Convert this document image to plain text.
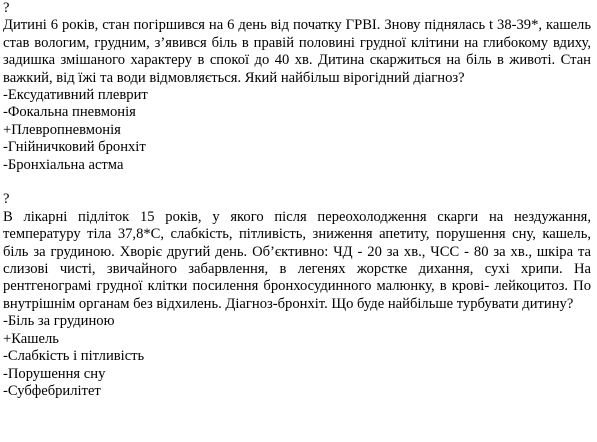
?

Дитині 6 років, стан погіршився на 6 день від початку ГРВІ. Знову піднялась t 38-39*, кашель став вологим, грудним, з’явився біль в правій половині грудної клітини на глибокому вдиху, задишка змішаного характеру в спокої до 40 хв. Дитина скаржиться на біль в животі. Стан важкий, від їжі та води відмовляється. Який найбільш вірогідний діагноз?

-Ексудативний плеврит
-Фокальна пневмонія
+Плевропневмонія
-Гнійничковий бронхіт
-Бронхіальна астма
?

В лікарні підліток 15 років, у якого після переохолодження скарги на нездужання, температуру тіла 37,8*С, слабкість, пітливість, зниження апетиту, порушення сну, кашель, біль за грудиною. Хворіє другий день. Об’єктивно: ЧД - 20 за хв., ЧСС - 80 за хв., шкіра та слизові чисті, звичайного забарвлення, в легенях жорстке дихання, сухі хрипи. На рентгенограмі грудної клітки посилення бронхосудинного малюнку, в крові- лейкоцитоз. По внутрішнім органам без відхилень. Діагноз-бронхіт. Що буде найбільше турбувати дитину?

-Біль за грудиною
+Кашель
-Слабкість і пітливість
-Порушення сну
-Субфебрилітет
